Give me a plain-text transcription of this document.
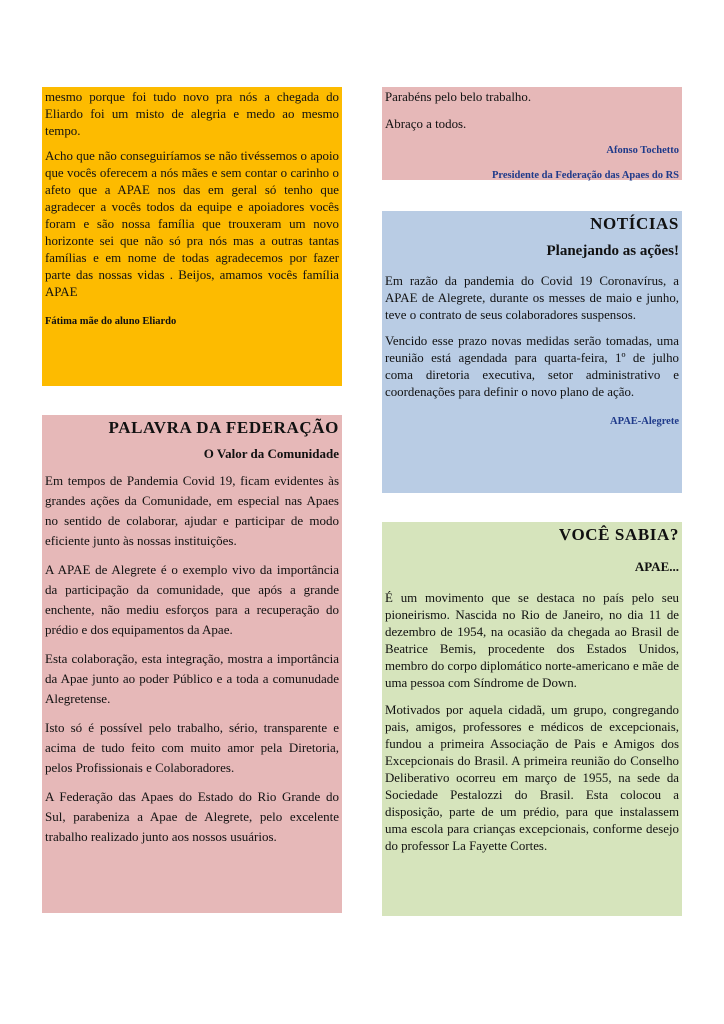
mesmo porque foi tudo novo pra nós a chegada do Eliardo foi um misto de alegria e medo ao mesmo tempo.

Acho que não conseguiríamos se não tivéssemos o apoio que vocês oferecem a nós mães e sem contar o carinho o afeto que a APAE nos das em geral só tenho que agradecer a vocês todos da equipe e apoiadores vocês foram e são nossa família que trouxeram um novo horizonte sei que não só pra nós mas a outras tantas famílias e em nome de todas agradecemos por fazer parte das nossas vidas . Beijos, amamos vocês família APAE

Fátima mãe do aluno Eliardo

PALAVRA DA FEDERAÇÃO
O Valor da Comunidade

Em tempos de Pandemia Covid 19, ficam evidentes às grandes ações da Comunidade, em especial nas Apaes no sentido de colaborar, ajudar e participar de modo eficiente junto às nossas instituições.

A APAE de Alegrete é o exemplo vivo da importância da participação da comunidade, que após a grande enchente, não mediu esforços para a recuperação do prédio e dos equipamentos da Apae.

Esta colaboração, esta integração, mostra a importância da Apae junto ao poder Público e a toda a comunudade Alegretense.

Isto só é possível pelo trabalho, sério, transparente e acima de tudo feito com muito amor pela Diretoria, pelos Profissionais e Colaboradores.

A Federação das Apaes do Estado do Rio Grande do Sul, parabeniza a Apae de Alegrete, pelo excelente trabalho realizado junto aos nossos usuários.

Parabéns pelo belo trabalho.

Abraço a todos.

Afonso Tochetto

Presidente da Federação das Apaes do RS

NOTÍCIAS
Planejando as ações!

Em razão da pandemia do Covid 19 Coronavírus, a APAE de Alegrete, durante os messes de maio e junho, teve o contrato de seus colaboradores suspensos.

Vencido esse prazo novas medidas serão tomadas, uma reunião está agendada para quarta-feira, 1º de julho coma diretoria executiva, setor administrativo e coordenações para definir o novo plano de ação.

APAE-Alegrete

VOCÊ SABIA?
APAE...

É um movimento que se destaca no país pelo seu pioneirismo. Nascida no Rio de Janeiro, no dia 11 de dezembro de 1954, na ocasião da chegada ao Brasil de Beatrice Bemis, procedente dos Estados Unidos, membro do corpo diplomático norte-americano e mãe de uma pessoa com Síndrome de Down.

Motivados por aquela cidadã, um grupo, congregando pais, amigos, professores e médicos de excepcionais, fundou a primeira Associação de Pais e Amigos dos Excepcionais do Brasil. A primeira reunião do Conselho Deliberativo ocorreu em março de 1955, na sede da Sociedade Pestalozzi do Brasil. Esta colocou a disposição, parte de um prédio, para que instalassem uma escola para crianças excepcionais, conforme desejo do professor La Fayette Cortes.
